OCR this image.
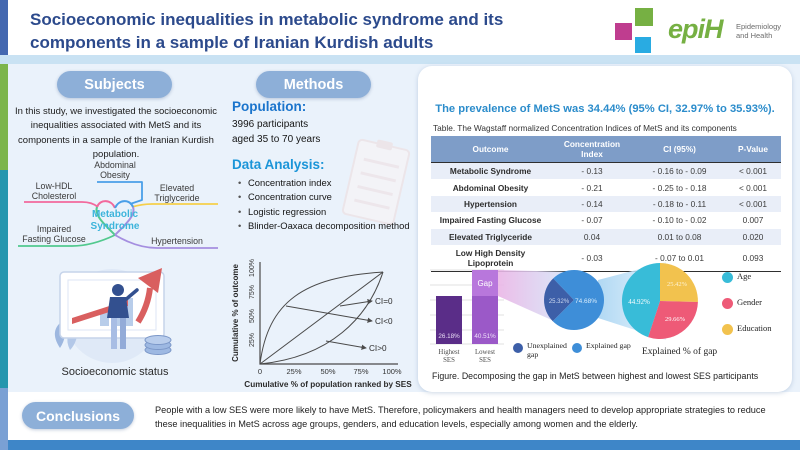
Socioeconomic inequalities in metabolic syndrome and its components in a sample of Iranian Kurdish adults	epiH Epidemiology
and Health
Subjects	Methods
In this study, we investigated the socioeconomic inequalities associated with MetS and its components in a sample of the Iranian Kurdish population.
Abdominal
Obesity
Low-HDL
Cholesterol
Elevated
Triglyceride
Impaired
Fasting Glucose	Hypertension
Metabolic
Syndrome
Socioeconomic status
Population:
3996 participants
aged 35 to 70 years
Data Analysis:
• Concentration index
• Concentration curve
• Logistic regression
• Blinder-Oaxaca decomposition method
CI=0
CI<0
CI>0
25%
50%
75%
100%
0	25%	50% 75% 100%
Cumulative % of outcome
Cumulative % of population ranked by SES
The prevalence of MetS was 34.44% (95% CI, 32.97% to 35.93%).
Table. The Wagstaff normalized Concentration Indices of MetS and its components
Outcome	Concentration Index	CI (95%)	P-Value
Metabolic Syndrome	- 0.13	- 0.16 to - 0.09	< 0.001
Abdominal Obesity	- 0.21	- 0.25 to - 0.18	< 0.001
Hypertension	- 0.14	- 0.18 to - 0.11	< 0.001
Impaired Fasting Glucose	- 0.07	- 0.10 to - 0.02	0.007
Elevated Triglyceride	0.04	0.01 to 0.08	0.020
Low High Density Lipoprotein	- 0.03	- 0.07 to 0.01	0.093
Gap
26.18% 40.51%
Highest
SES
Lowest
SES
25.32% 74.68%	44.92%
29.66%
25.42%
Unexplained gap
Explained gap
Explained % of gap
Age
Gender
Education
Figure. Decomposing the gap in MetS between highest and lowest SES participants
Conclusions	People with a low SES were more likely to have MetS. Therefore, policymakers and health managers need to develop appropriate strategies to reduce these inequalities in MetS across age groups, genders, and education levels, especially among women and the elderly.
